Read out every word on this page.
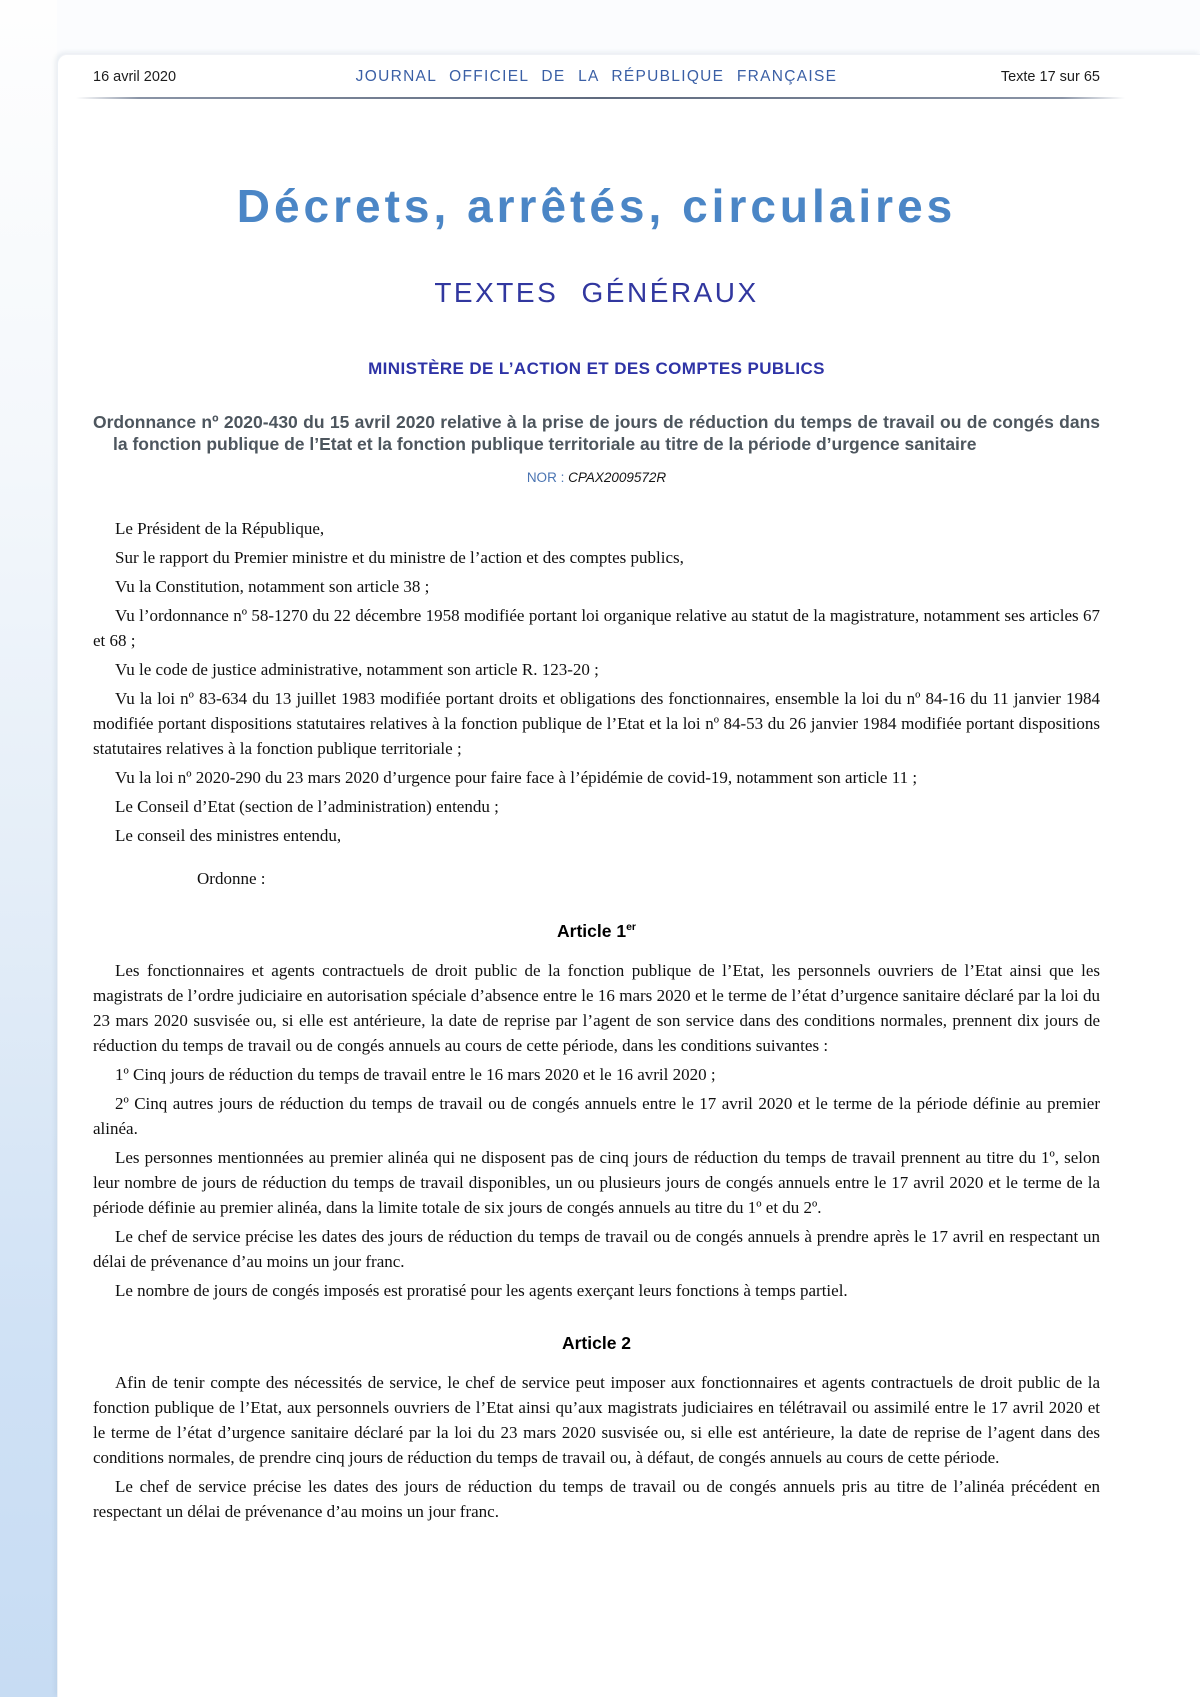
16 avril 2020	JOURNAL OFFICIEL DE LA RÉPUBLIQUE FRANÇAISE	Texte 17 sur 65
Décrets, arrêtés, circulaires
TEXTES GÉNÉRAUX
MINISTÈRE DE L’ACTION ET DES COMPTES PUBLICS

Ordonnance nº 2020-430 du 15 avril 2020 relative à la prise de jours de réduction du temps de travail ou de congés dans la fonction publique de l’Etat et la fonction publique territoriale au titre de la période d’urgence sanitaire

NOR : CPAX2009572R

Le Président de la République,

Sur le rapport du Premier ministre et du ministre de l’action et des comptes publics,

Vu la Constitution, notamment son article 38 ;

Vu l’ordonnance nº 58-1270 du 22 décembre 1958 modifiée portant loi organique relative au statut de la magistrature, notamment ses articles 67 et 68 ;

Vu le code de justice administrative, notamment son article R. 123-20 ;

Vu la loi nº 83-634 du 13 juillet 1983 modifiée portant droits et obligations des fonctionnaires, ensemble la loi du nº 84-16 du 11 janvier 1984 modifiée portant dispositions statutaires relatives à la fonction publique de l’Etat et la loi nº 84-53 du 26 janvier 1984 modifiée portant dispositions statutaires relatives à la fonction publique territoriale ;

Vu la loi nº 2020-290 du 23 mars 2020 d’urgence pour faire face à l’épidémie de covid-19, notamment son article 11 ;

Le Conseil d’Etat (section de l’administration) entendu ;

Le conseil des ministres entendu,

Ordonne :

Article 1er

Les fonctionnaires et agents contractuels de droit public de la fonction publique de l’Etat, les personnels ouvriers de l’Etat ainsi que les magistrats de l’ordre judiciaire en autorisation spéciale d’absence entre le 16 mars 2020 et le terme de l’état d’urgence sanitaire déclaré par la loi du 23 mars 2020 susvisée ou, si elle est antérieure, la date de reprise par l’agent de son service dans des conditions normales, prennent dix jours de réduction du temps de travail ou de congés annuels au cours de cette période, dans les conditions suivantes :

1º Cinq jours de réduction du temps de travail entre le 16 mars 2020 et le 16 avril 2020 ;

2º Cinq autres jours de réduction du temps de travail ou de congés annuels entre le 17 avril 2020 et le terme de la période définie au premier alinéa.

Les personnes mentionnées au premier alinéa qui ne disposent pas de cinq jours de réduction du temps de travail prennent au titre du 1º, selon leur nombre de jours de réduction du temps de travail disponibles, un ou plusieurs jours de congés annuels entre le 17 avril 2020 et le terme de la période définie au premier alinéa, dans la limite totale de six jours de congés annuels au titre du 1º et du 2º.

Le chef de service précise les dates des jours de réduction du temps de travail ou de congés annuels à prendre après le 17 avril en respectant un délai de prévenance d’au moins un jour franc.

Le nombre de jours de congés imposés est proratisé pour les agents exerçant leurs fonctions à temps partiel.

Article 2

Afin de tenir compte des nécessités de service, le chef de service peut imposer aux fonctionnaires et agents contractuels de droit public de la fonction publique de l’Etat, aux personnels ouvriers de l’Etat ainsi qu’aux magistrats judiciaires en télétravail ou assimilé entre le 17 avril 2020 et le terme de l’état d’urgence sanitaire déclaré par la loi du 23 mars 2020 susvisée ou, si elle est antérieure, la date de reprise de l’agent dans des conditions normales, de prendre cinq jours de réduction du temps de travail ou, à défaut, de congés annuels au cours de cette période.

Le chef de service précise les dates des jours de réduction du temps de travail ou de congés annuels pris au titre de l’alinéa précédent en respectant un délai de prévenance d’au moins un jour franc.
